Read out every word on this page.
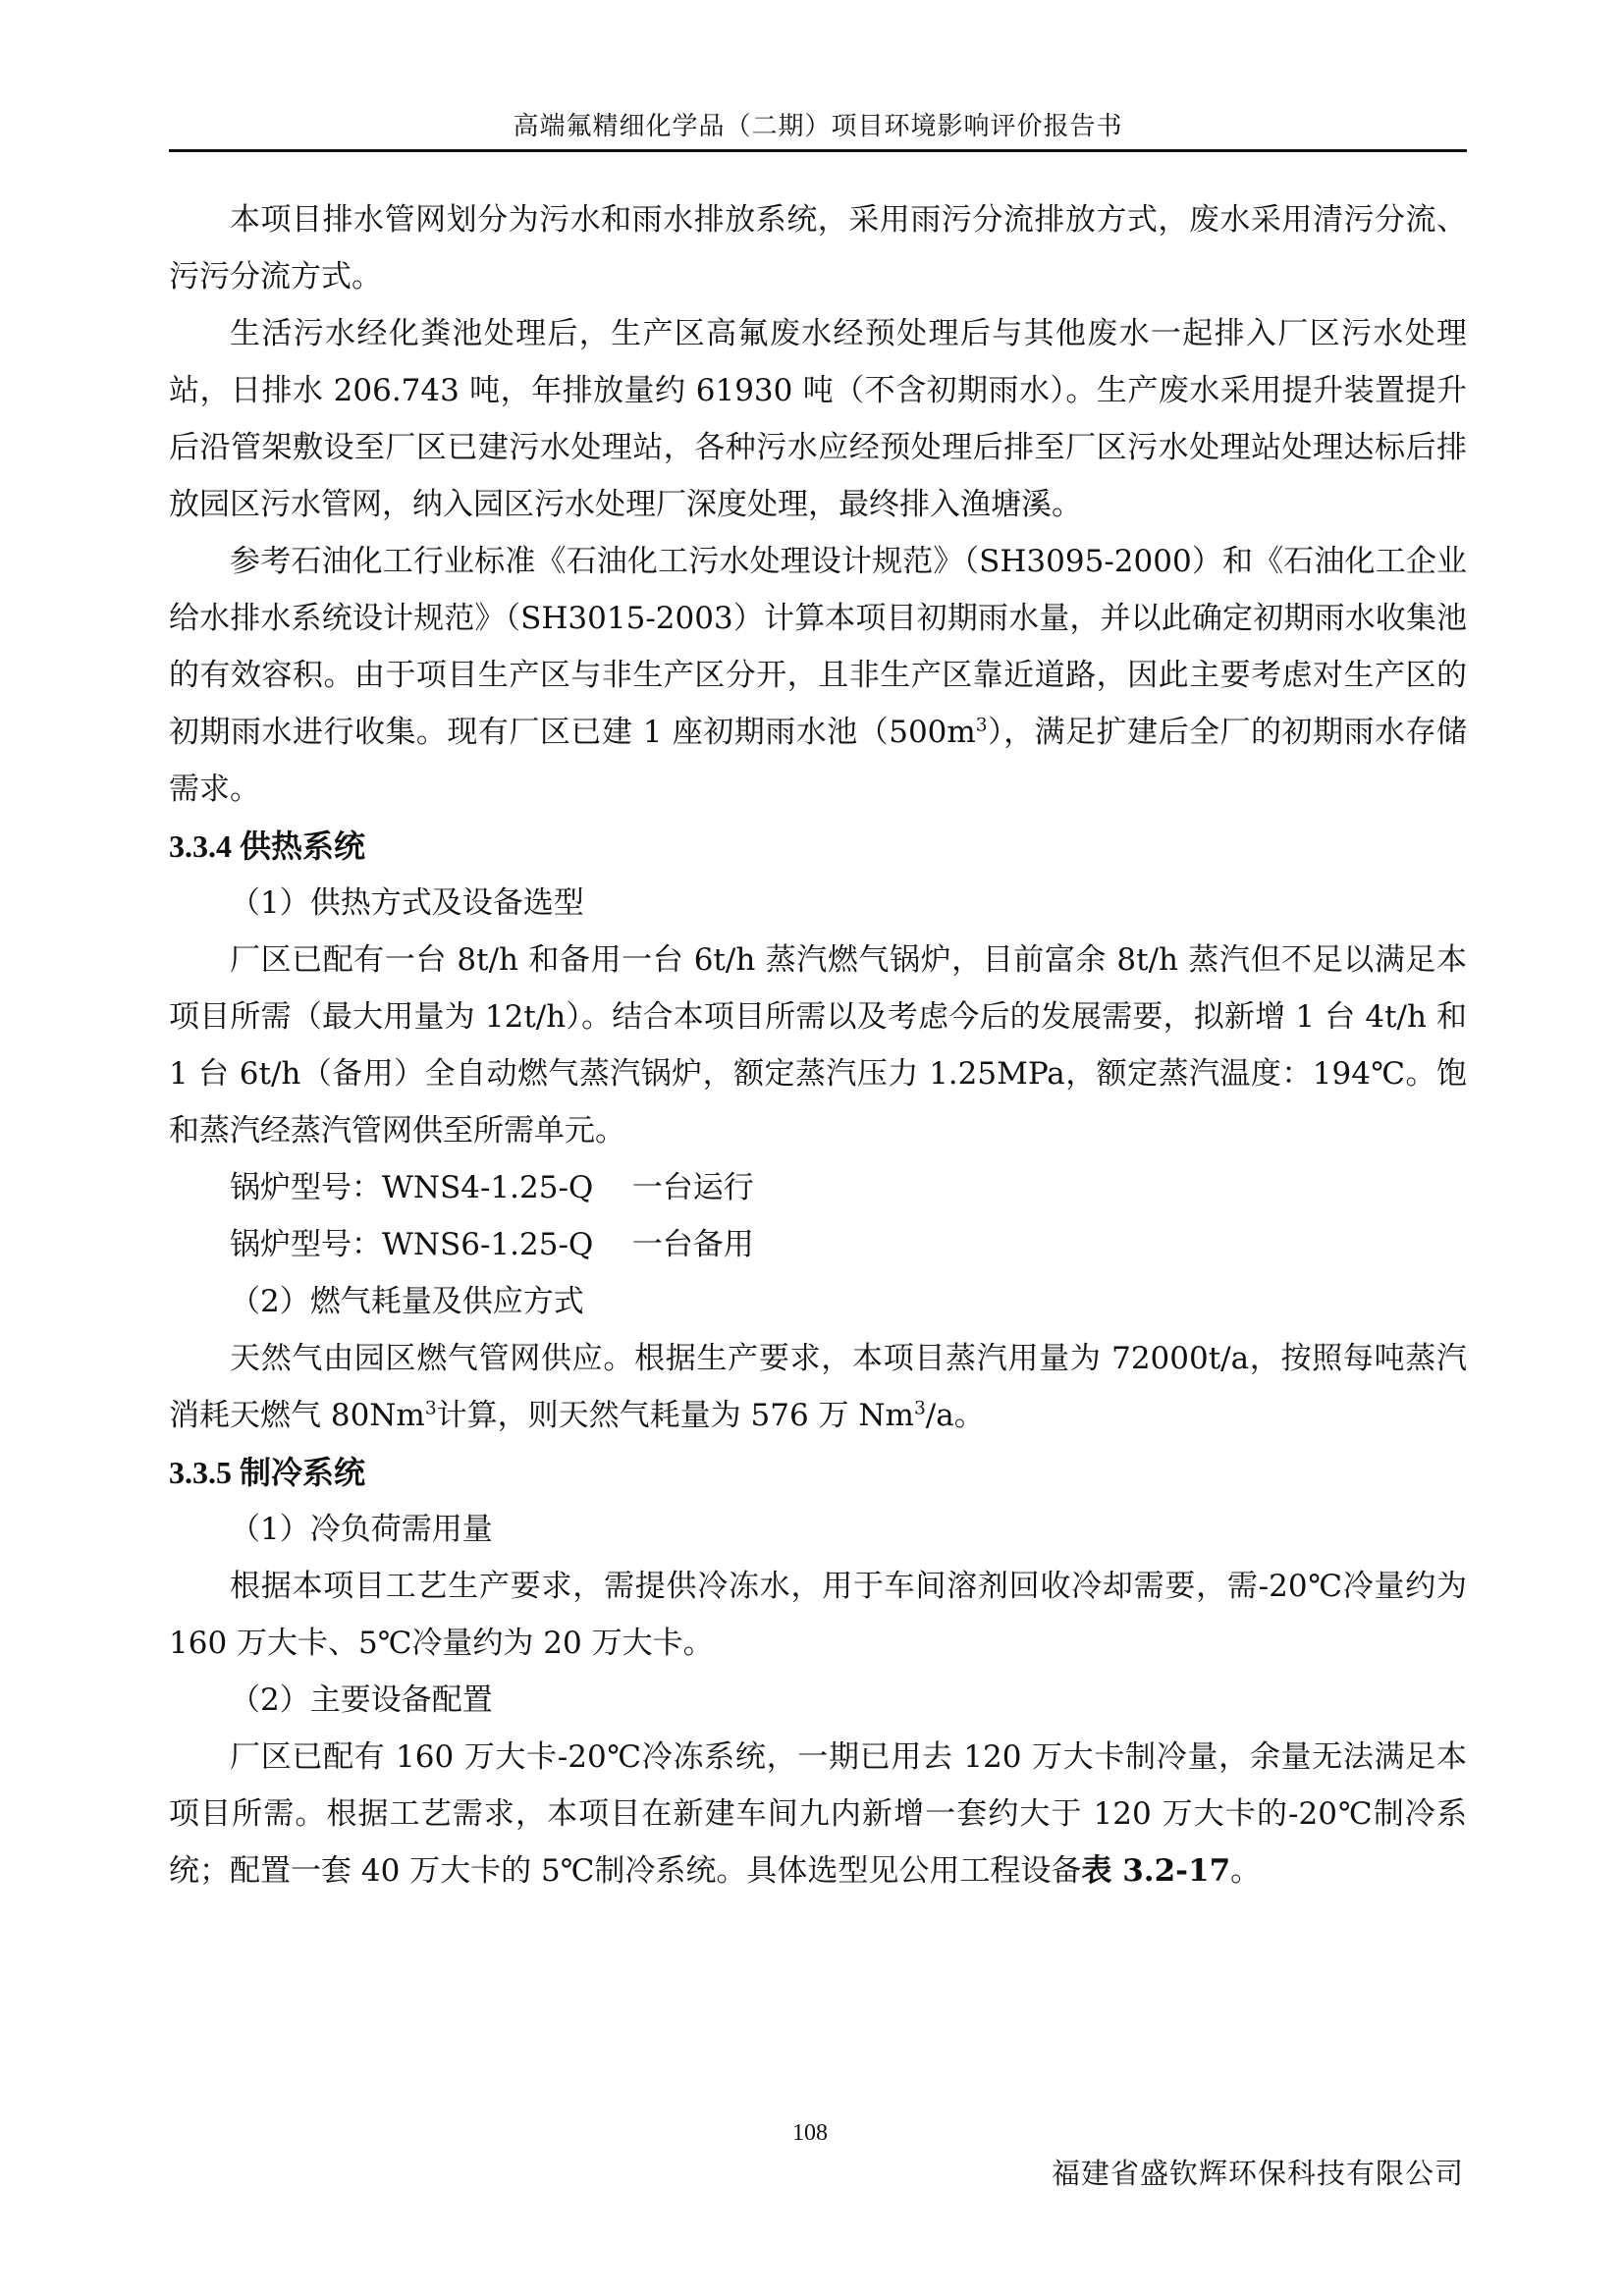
高端氟精细化学品（二期）项目环境影响评价报告书

本项目排水管网划分为污水和雨水排放系统，采用雨污分流排放方式，废水采用清污分流、污污分流方式。

生活污水经化粪池处理后，生产区高氟废水经预处理后与其他废水一起排入厂区污水处理站，日排水 206.743 吨，年排放量约 61930 吨（不含初期雨水）。生产废水采用提升装置提升后沿管架敷设至厂区已建污水处理站，各种污水应经预处理后排至厂区污水处理站处理达标后排放园区污水管网，纳入园区污水处理厂深度处理，最终排入渔塘溪。

参考石油化工行业标准《石油化工污水处理设计规范》（SH3095-2000）和《石油化工企业给水排水系统设计规范》（SH3015-2003）计算本项目初期雨水量，并以此确定初期雨水收集池的有效容积。由于项目生产区与非生产区分开，且非生产区靠近道路，因此主要考虑对生产区的初期雨水进行收集。现有厂区已建 1 座初期雨水池$(500m^3)$，满足扩建后全厂的初期雨水存储需求。

3.3.4 供热系统

（1）供热方式及设备选型

厂区已配有一台 8t/h 和备用一台 6t/h 蒸汽燃气锅炉，目前富余 8t/h 蒸汽但不足以满足本项目所需（最大用量为 12t/h）。结合本项目所需以及考虑今后的发展需要，拟新增 1 台 4t/h 和 1 台 6t/h（备用）全自动燃气蒸汽锅炉，额定蒸汽压力 1.25MPa，额定蒸汽温度：194℃。饱和蒸汽经蒸汽管网供至所需单元。

锅炉型号：WNS4-1.25-Q    一台运行

锅炉型号：WNS6-1.25-Q    一台备用

（2）燃气耗量及供应方式

天然气由园区燃气管网供应。根据生产要求，本项目蒸汽用量为 72000t/a，按照每吨蒸汽消耗天燃气 80Nm$^3$计算，则天然气耗量为 576 万 Nm$^3$/a。

3.3.5 制冷系统

（1）冷负荷需用量

根据本项目工艺生产要求，需提供冷冻水，用于车间溶剂回收冷却需要，需-20℃冷量约为 160 万大卡、5℃冷量约为 20 万大卡。

（2）主要设备配置

厂区已配有 160 万大卡-20℃冷冻系统，一期已用去 120 万大卡制冷量，余量无法满足本项目所需。根据工艺需求，本项目在新建车间九内新增一套约大于 120 万大卡的-20℃制冷系统；配置一套 40 万大卡的 5℃制冷系统。具体选型见公用工程设备表 3.2-17。

108
福建省盛钦辉环保科技有限公司
